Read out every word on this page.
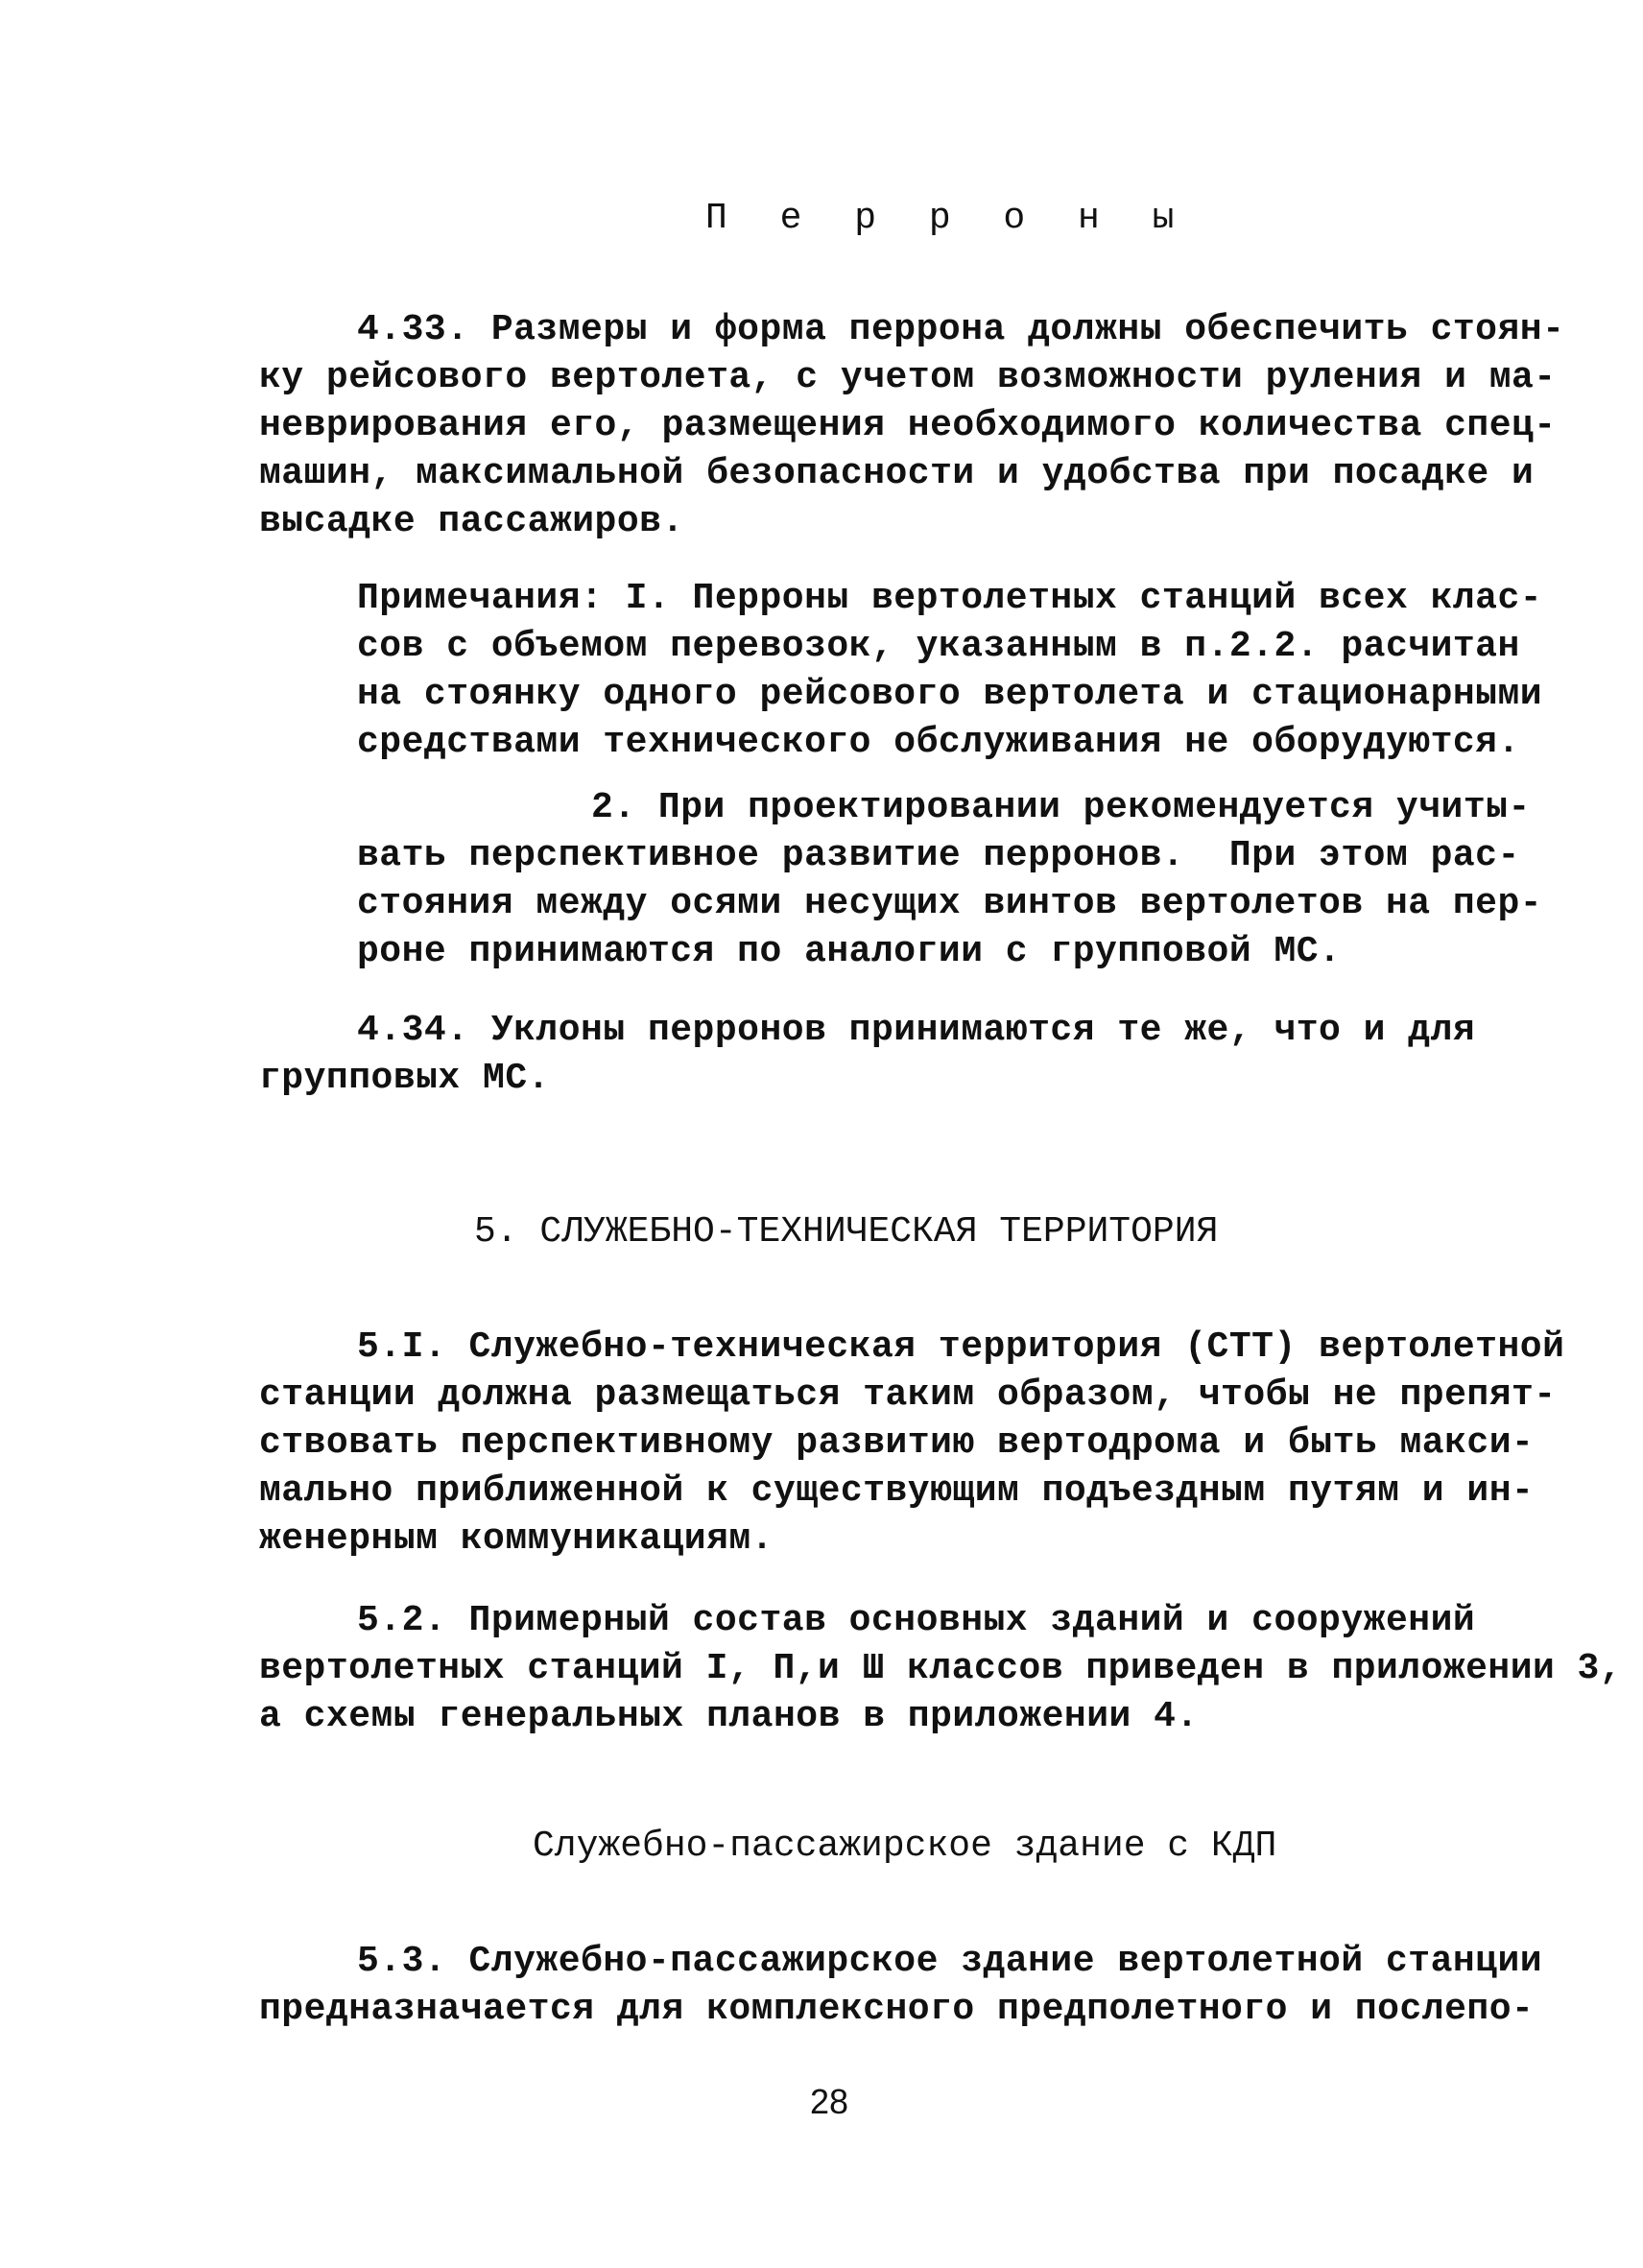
П е р р о н ы
4.33. Размеры и форма перрона должны обеспечить стоян-
ку рейсового вертолета, с учетом возможности руления и ма-
неврирования его, размещения необходимого количества спец-
машин, максимальной безопасности и удобства при посадке и
высадке пассажиров.
Примечания: I. Перроны вертолетных станций всех клас-
сов с объемом перевозок, указанным в п.2.2. расчитан
на стоянку одного рейсового вертолета и стационарными
средствами технического обслуживания не оборудуются.
2. При проектировании рекомендуется учиты-
вать перспективное развитие перронов.  При этом рас-
стояния между осями несущих винтов вертолетов на пер-
роне принимаются по аналогии с групповой МС.
4.34. Уклоны перронов принимаются те же, что и для
групповых МС.
5. СЛУЖЕБНО-ТЕХНИЧЕСКАЯ ТЕРРИТОРИЯ
5.I. Служебно-техническая территория (СТТ) вертолетной
станции должна размещаться таким образом, чтобы не препят-
ствовать перспективному развитию вертодрома и быть макси-
мально приближенной к существующим подъездным путям и ин-
женерным коммуникациям.
5.2. Примерный состав основных зданий и сооружений
вертолетных станций I, П,и Ш классов приведен в приложении 3,
а схемы генеральных планов в приложении 4.
Служебно-пассажирское здание с КДП
5.3. Служебно-пассажирское здание вертолетной станции
предназначается для комплексного предполетного и послепо-
28
